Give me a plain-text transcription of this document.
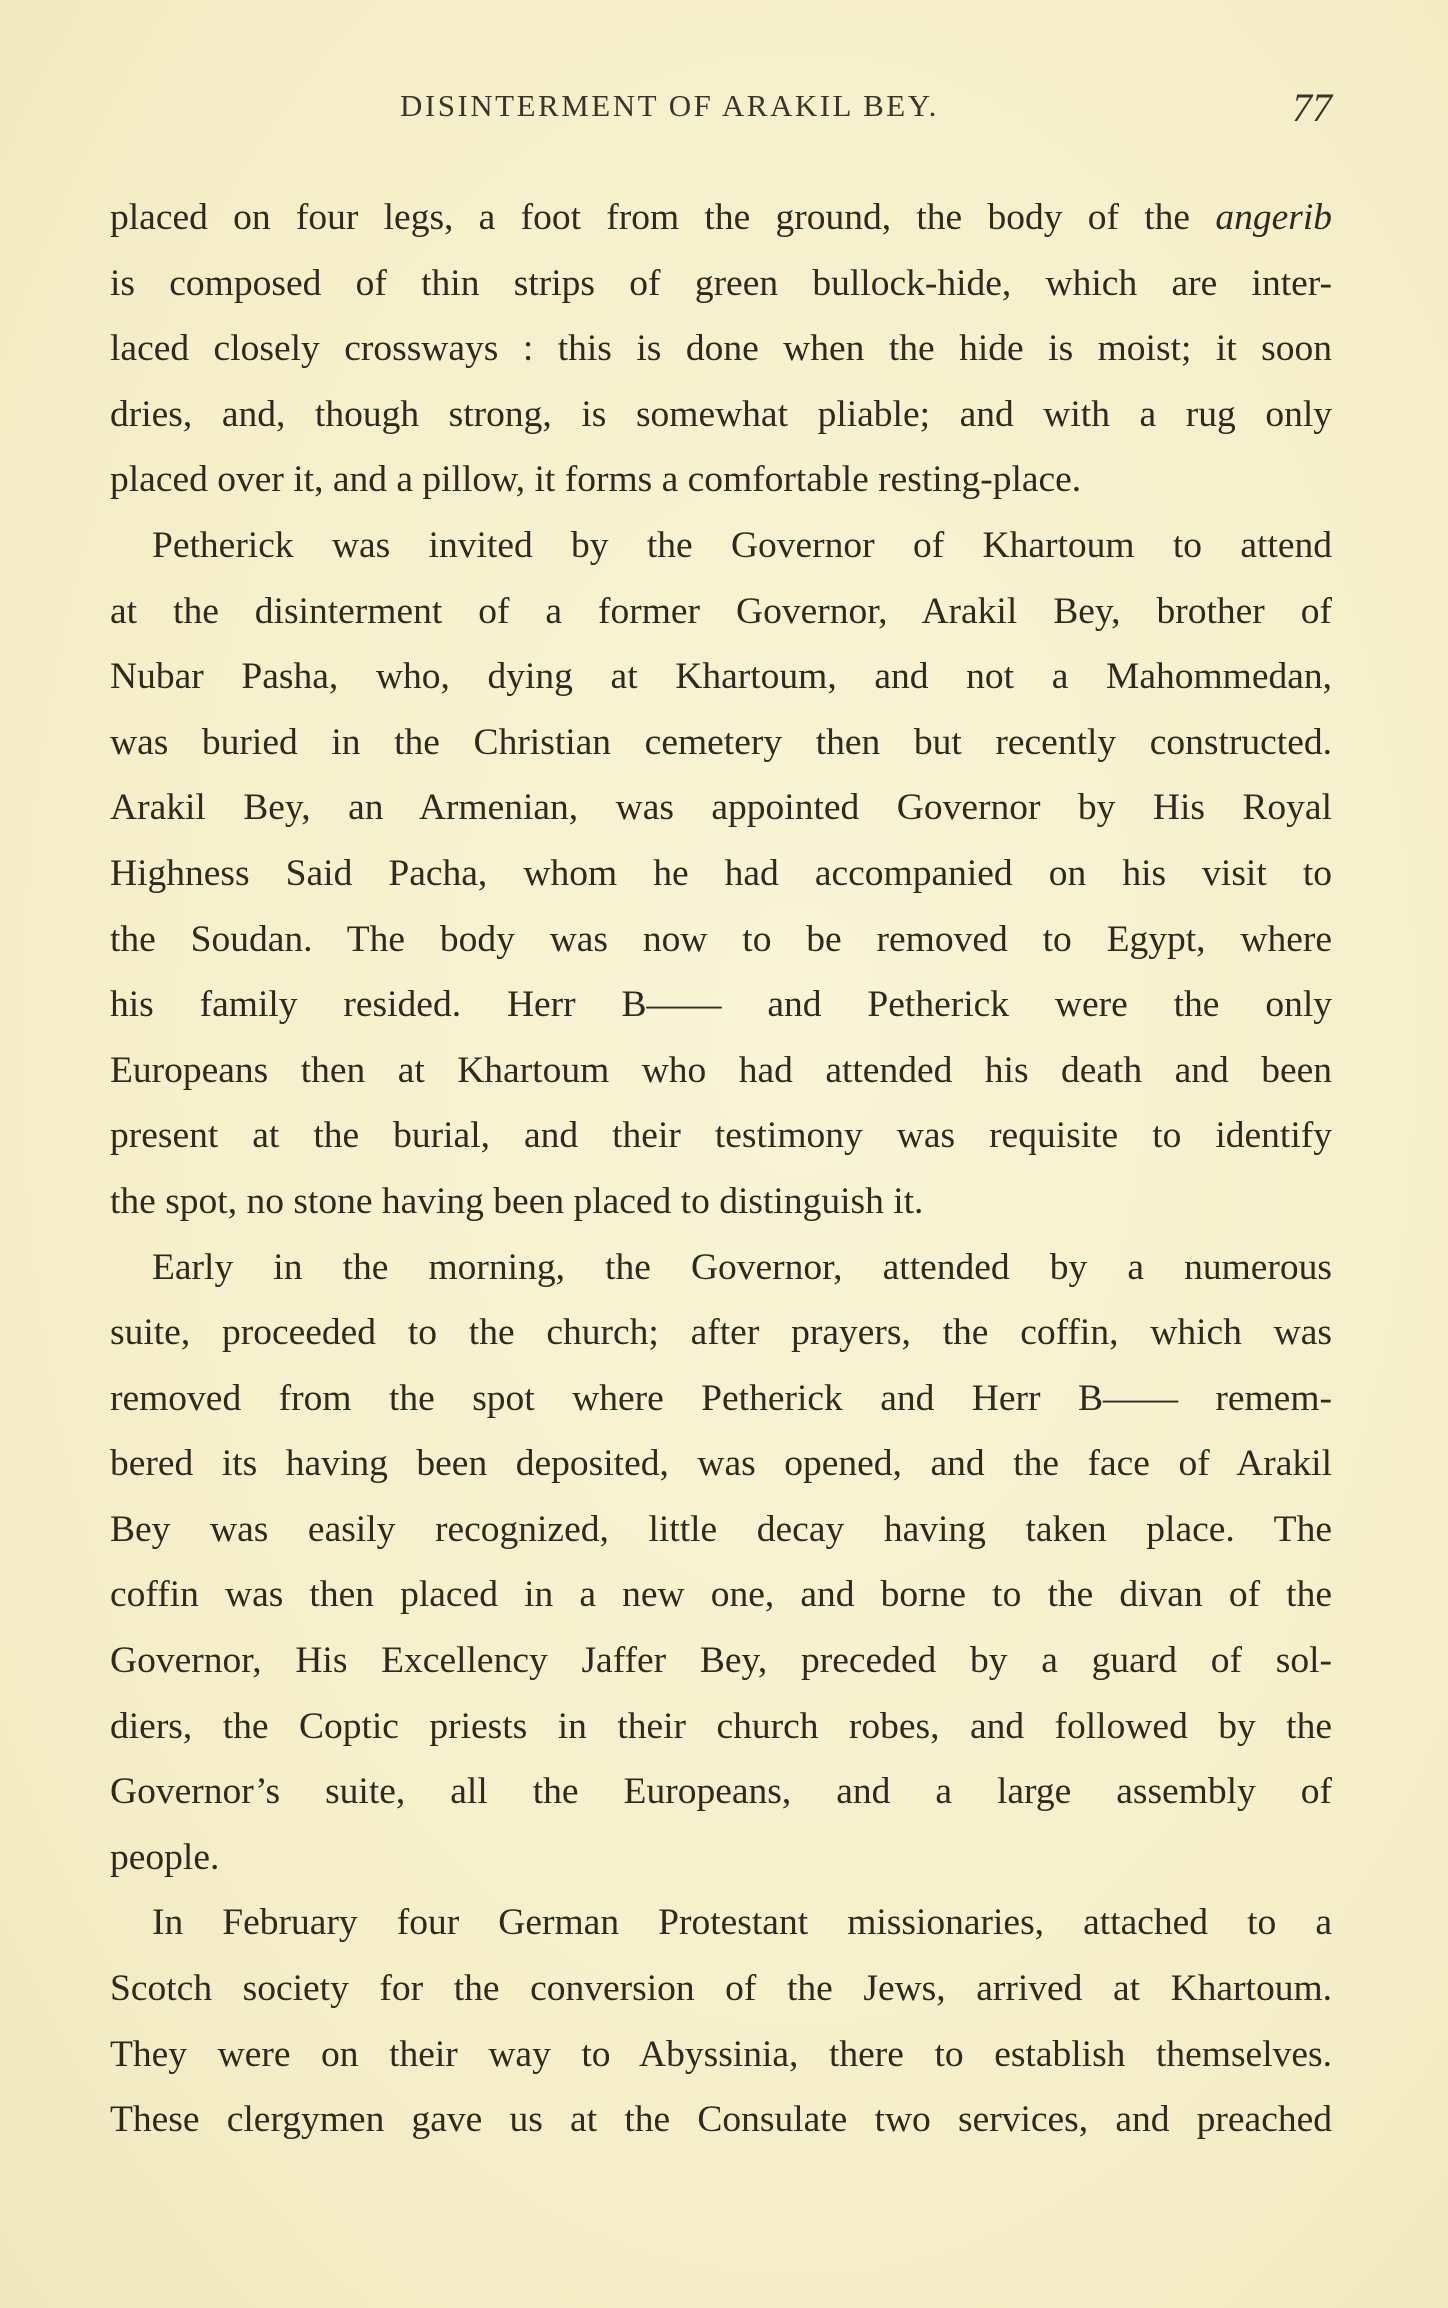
DISINTERMENT OF ARAKIL BEY.	77
placed on four legs, a foot from the ground, the body of the angerib
is composed of thin strips of green bullock-hide, which are inter-
laced closely crossways : this is done when the hide is moist; it soon
dries, and, though strong, is somewhat pliable; and with a rug only
placed over it, and a pillow, it forms a comfortable resting-place.
Petherick was invited by the Governor of Khartoum to attend
at the disinterment of a former Governor, Arakil Bey, brother of
Nubar Pasha, who, dying at Khartoum, and not a Mahommedan,
was buried in the Christian cemetery then but recently constructed.
Arakil Bey, an Armenian, was appointed Governor by His Royal
Highness Said Pacha, whom he had accompanied on his visit to
the Soudan. The body was now to be removed to Egypt, where
his family resided. Herr B—— and Petherick were the only
Europeans then at Khartoum who had attended his death and been
present at the burial, and their testimony was requisite to identify
the spot, no stone having been placed to distinguish it.
Early in the morning, the Governor, attended by a numerous
suite, proceeded to the church; after prayers, the coffin, which was
removed from the spot where Petherick and Herr B—— remem-
bered its having been deposited, was opened, and the face of Arakil
Bey was easily recognized, little decay having taken place. The
coffin was then placed in a new one, and borne to the divan of the
Governor, His Excellency Jaffer Bey, preceded by a guard of sol-
diers, the Coptic priests in their church robes, and followed by the
Governor’s suite, all the Europeans, and a large assembly of
people.
In February four German Protestant missionaries, attached to a
Scotch society for the conversion of the Jews, arrived at Khartoum.
They were on their way to Abyssinia, there to establish themselves.
These clergymen gave us at the Consulate two services, and preached
